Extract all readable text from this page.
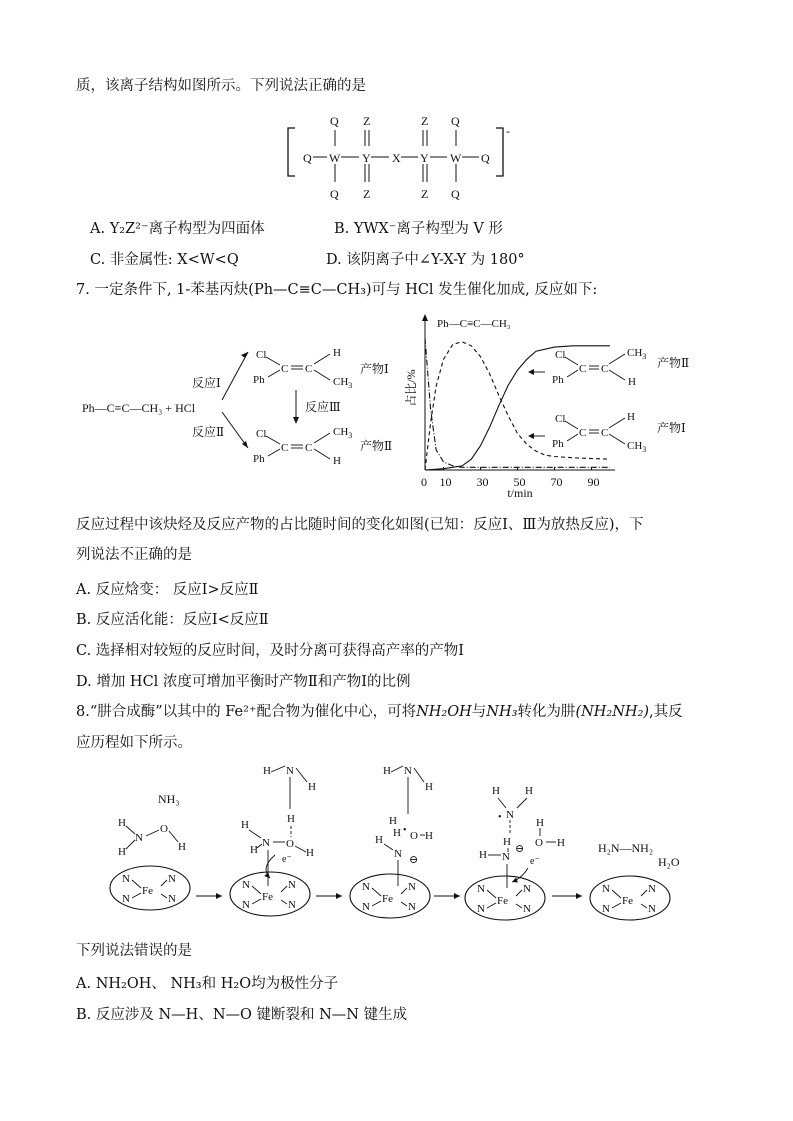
质，该离子结构如图所示。下列说法正确的是
-
Q W Y X Y W Q
Q Z	Z Q
Q Z	Z Q
A. Y₂Z²⁻离子构型为四面体	B. YWX⁻离子构型为 V 形
C. 非金属性: X<W<Q	D. 该阴离子中∠Y-X-Y 为 180°
7. 一定条件下, 1-苯基丙炔(Ph—C≡C—CH₃)可与 HCl 发生催化加成, 反应如下:
Ph—C≡C—CH₃ + HCl
反应Ⅰ
反应Ⅱ
Cl
Ph
C C
H
$CH_3$
产物Ⅰ
反应Ⅲ
Cl
Ph
C C
$CH_3$
H
产物Ⅱ
占比/%
t/min
0 10 30 50 70 90
Ph—C≡C—CH₃
Cl
Ph
C C
$CH_3$
H
产物Ⅱ
Cl
Ph
C C
H
$CH_3$
产物Ⅰ
反应过程中该炔烃及反应产物的占比随时间的变化如图(已知：反应Ⅰ、Ⅲ为放热反应)，下
列说法不正确的是
A. 反应焓变： 反应Ⅰ>反应Ⅱ
B. 反应活化能：反应Ⅰ<反应Ⅱ
C. 选择相对较短的反应时间，及时分离可获得高产率的产物Ⅰ
D. 增加 HCl 浓度可增加平衡时产物Ⅱ和产物Ⅰ的比例
8.“肼合成酶”以其中的 Fe²⁺配合物为催化中心，可将NH₂OH与NH₃转化为肼(NH₂NH₂),其反
应历程如下所示。
N
N
Fe
NH₃
H
H
N
O
H
Fe
H N
H
H
H
H
N O
H
e⁻
Fe
H N
H
H
H
N
H • O H
⊖
Fe
H H
N
•
H
H N
⊖
e⁻
H
O H
Fe
H₂N—NH₂
H₂O
下列说法错误的是
A. NH₂OH、 NH₃和 H₂O均为极性分子
B. 反应涉及 N—H、N—O 键断裂和 N—N 键生成
